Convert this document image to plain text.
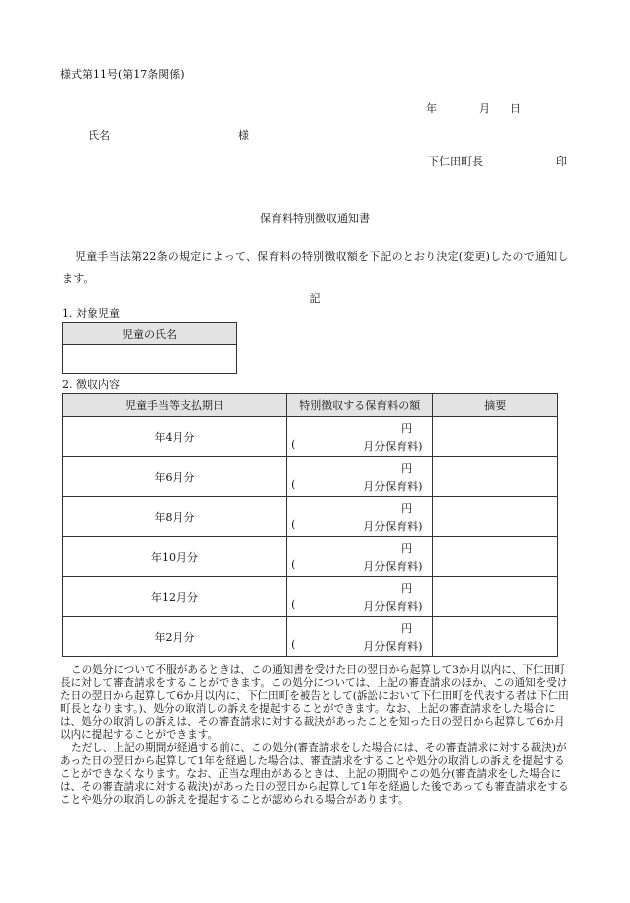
様式第11号(第17条関係)
年	月 日
氏名	様
下仁田町長	印
保育料特別徴収通知書
児童手当法第22条の規定によって、保育料の特別徴収額を下記のとおり決定(変更)したので通知します。
記
1. 対象児童
児童の氏名

2. 徴収内容
児童手当等支払期日	特別徴収する保育料の額	摘要
年4月分	円
( 月分保育料)	

年6月分	円
( 月分保育料)	

年8月分	円
( 月分保育料)	

年10月分	円
( 月分保育料)	

年12月分	円
( 月分保育料)	

年2月分	円
( 月分保育料)	

この処分について不服があるときは、この通知書を受けた日の翌日から起算して3か月以内に、下仁田町長に対して審査請求をすることができます。この処分については、上記の審査請求のほか、この通知を受けた日の翌日から起算して6か月以内に、下仁田町を被告として(訴訟において下仁田町を代表する者は下仁田町長となります。)、処分の取消しの訴えを提起することができます。なお、上記の審査請求をした場合には、処分の取消しの訴えは、その審査請求に対する裁決があったことを知った日の翌日から起算して6か月以内に提起することができます。

ただし、上記の期間が経過する前に、この処分(審査請求をした場合には、その審査請求に対する裁決)があった日の翌日から起算して1年を経過した場合は、審査請求をすることや処分の取消しの訴えを提起することができなくなります。なお、正当な理由があるときは、上記の期間やこの処分(審査請求をした場合には、その審査請求に対する裁決)があった日の翌日から起算して1年を経過した後であっても審査請求をすることや処分の取消しの訴えを提起することが認められる場合があります。
